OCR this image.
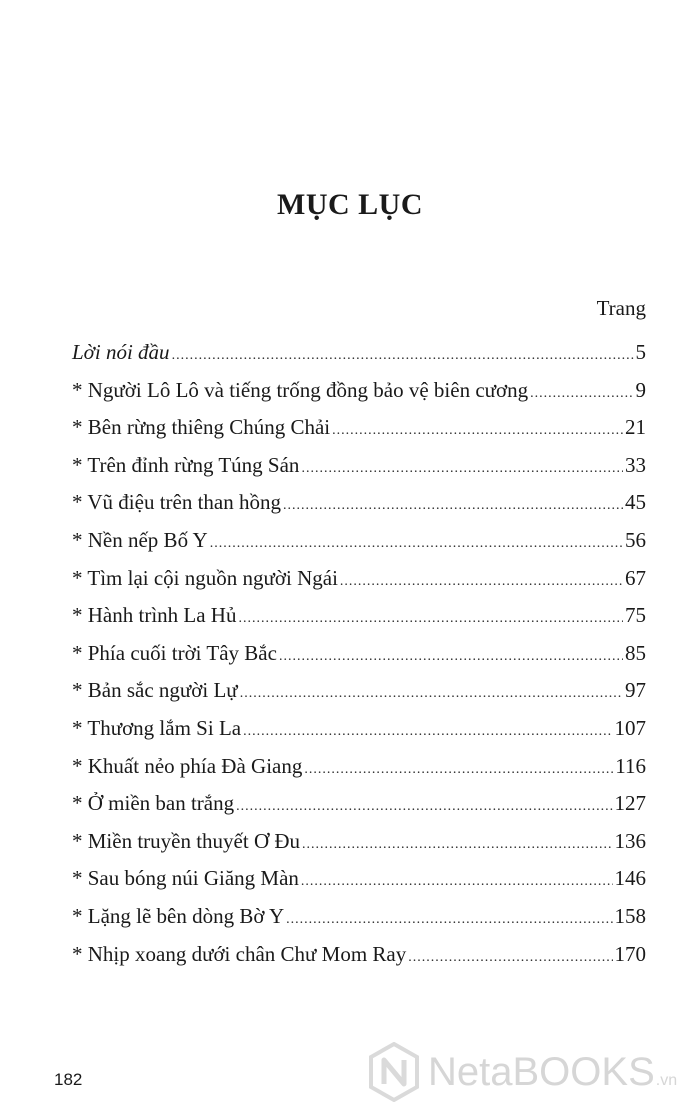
MỤC LỤC
Trang
Lời nói đầu .....	5
* Người Lô Lô và tiếng trống đồng bảo vệ biên cương .....	9
* Bên rừng thiêng Chúng Chải .....	21
* Trên đỉnh rừng Túng Sán .....	33
* Vũ điệu trên than hồng .....	45
* Nền nếp Bố Y .....	56
* Tìm lại cội nguồn người Ngái .....	67
* Hành trình La Hủ .....	75
* Phía cuối trời Tây Bắc .....	85
* Bản sắc người Lự .....	97
* Thương lắm Si La .....	107
* Khuất nẻo phía Đà Giang .....	116
* Ở miền ban trắng .....	127
* Miền truyền thuyết Ơ Đu .....	136
* Sau bóng núi Giăng Màn .....	146
* Lặng lẽ bên dòng Bờ Y .....	158
* Nhịp xoang dưới chân Chư Mom Ray .....	170
182	NetaBOOKS .vn
